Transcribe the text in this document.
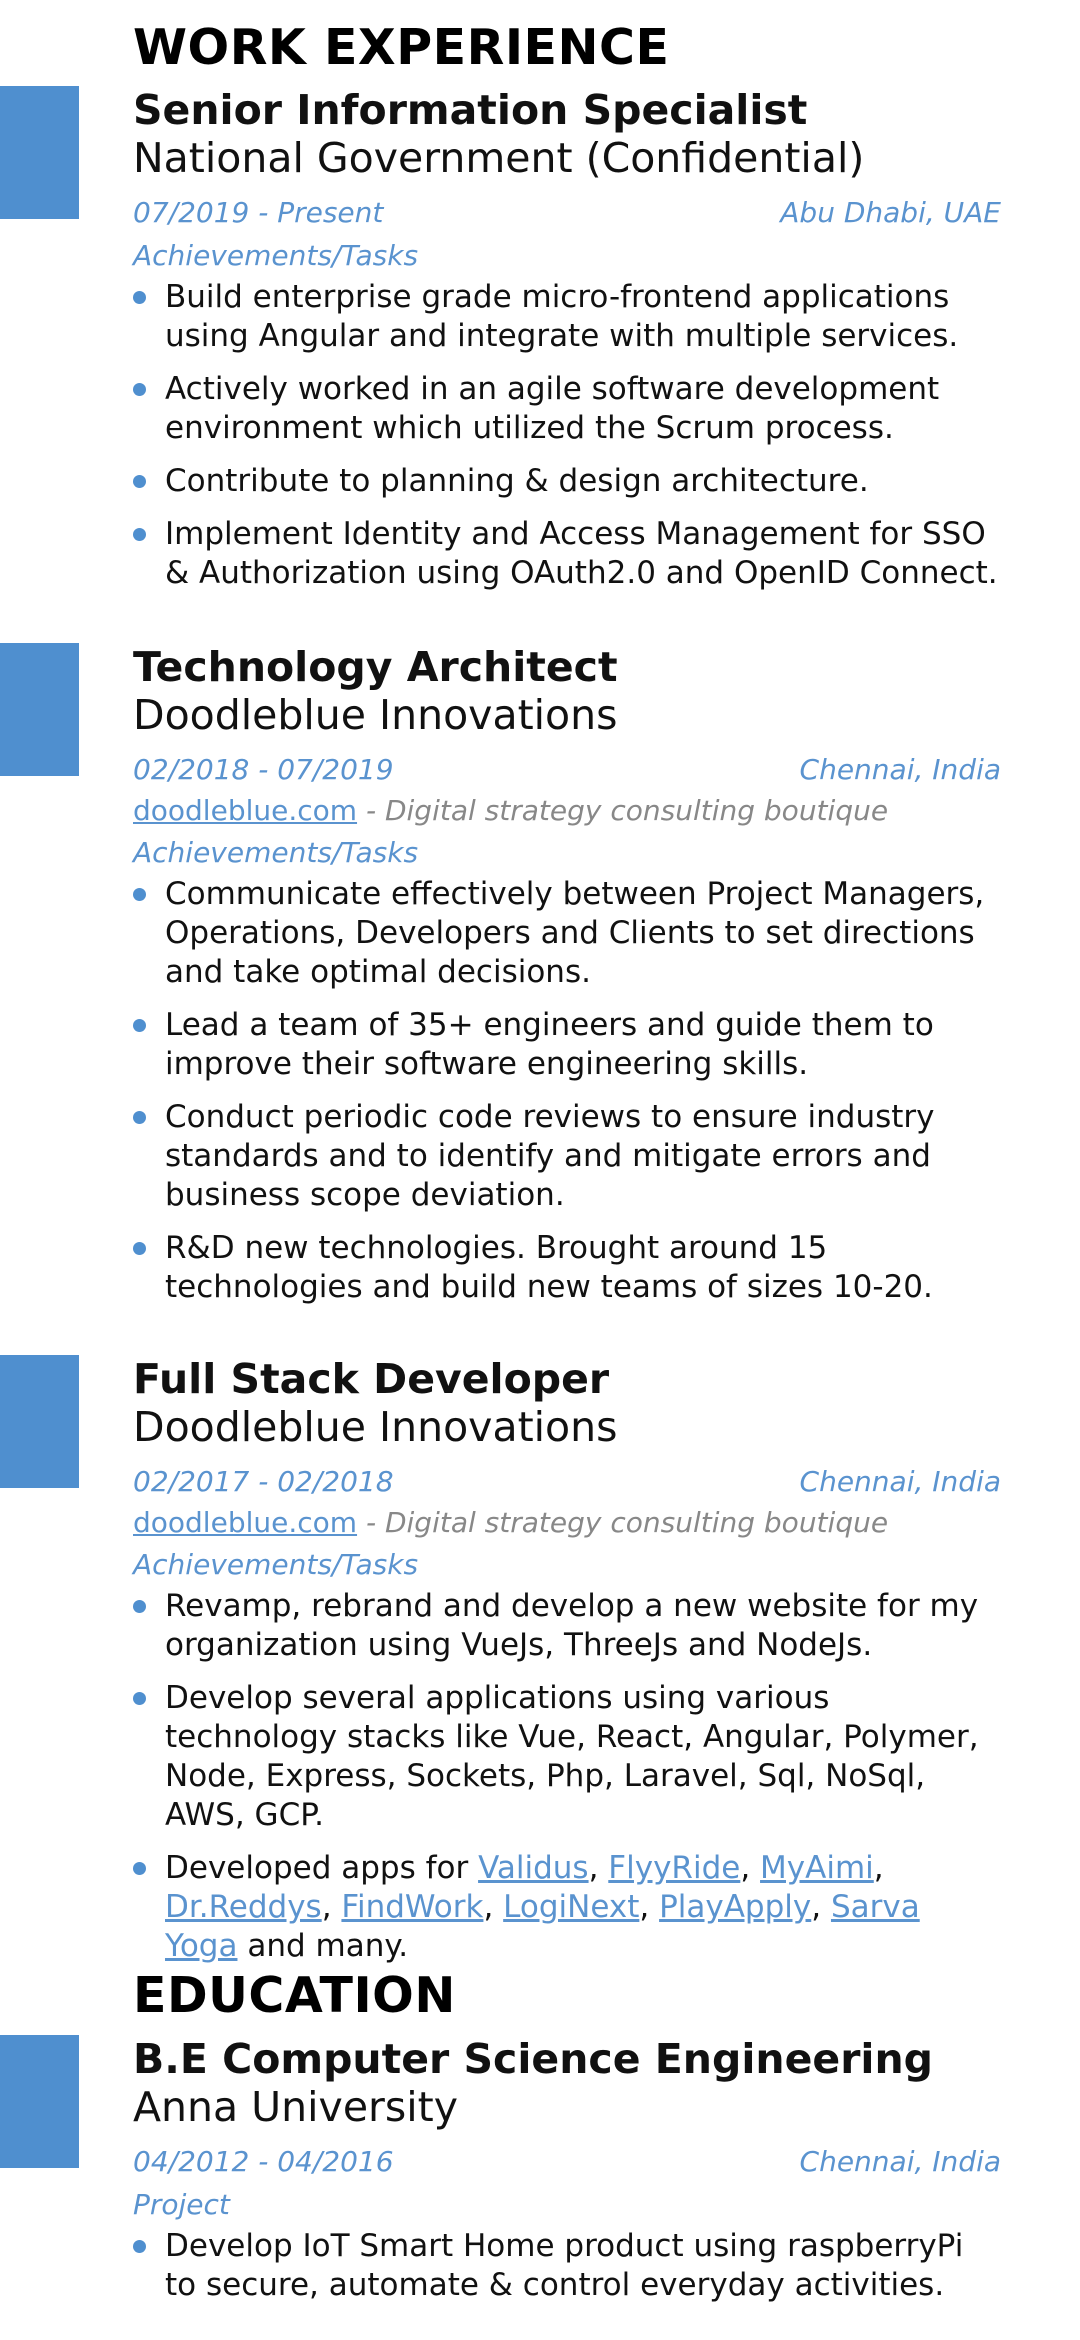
WORK EXPERIENCE
Senior Information Specialist
National Government (Confidential)
07/2019 - Present	Abu Dhabi, UAE
Achievements/Tasks
Build enterprise grade micro-frontend applications using Angular and integrate with multiple services.
Actively worked in an agile software development environment which utilized the Scrum process.
Contribute to planning & design architecture.
Implement Identity and Access Management for SSO & Authorization using OAuth2.0 and OpenID Connect.
Technology Architect
Doodleblue Innovations
02/2018 - 07/2019	Chennai, India
doodleblue.com - Digital strategy consulting boutique
Achievements/Tasks
Communicate effectively between Project Managers, Operations, Developers and Clients to set directions and take optimal decisions.
Lead a team of 35+ engineers and guide them to improve their software engineering skills.
Conduct periodic code reviews to ensure industry standards and to identify and mitigate errors and business scope deviation.
R&D new technologies. Brought around 15 technologies and build new teams of sizes 10-20.
Full Stack Developer
Doodleblue Innovations
02/2017 - 02/2018	Chennai, India
doodleblue.com - Digital strategy consulting boutique
Achievements/Tasks
Revamp, rebrand and develop a new website for my organization using VueJs, ThreeJs and NodeJs.
Develop several applications using various technology stacks like Vue, React, Angular, Polymer, Node, Express, Sockets, Php, Laravel, Sql, NoSql, AWS, GCP.
Developed apps for Validus, FlyyRide, MyAimi, Dr.Reddys, FindWork, LogiNext, PlayApply, Sarva Yoga and many.
EDUCATION
B.E Computer Science Engineering
Anna University
04/2012 - 04/2016	Chennai, India
Project
Develop IoT Smart Home product using raspberryPi to secure, automate & control everyday activities.
